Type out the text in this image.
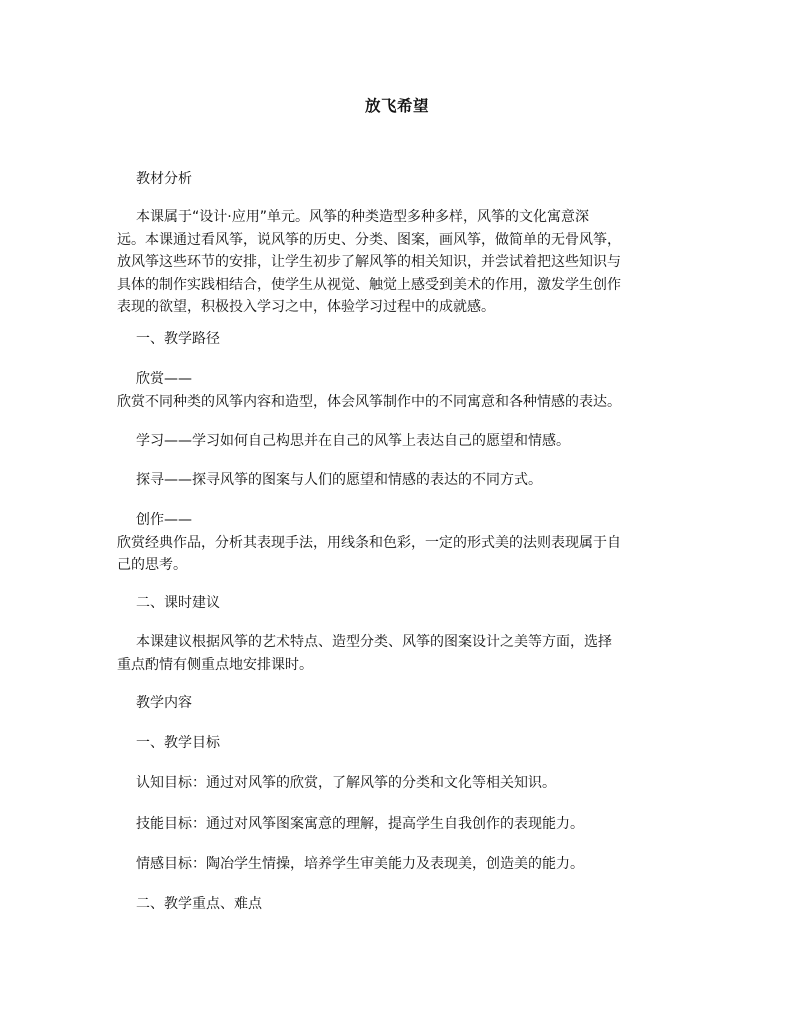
放飞希望
教材分析
本课属于“设计·应用”单元。风筝的种类造型多种多样，风筝的文化寓意深
远。本课通过看风筝，说风筝的历史、分类、图案，画风筝，做简单的无骨风筝，
放风筝这些环节的安排，让学生初步了解风筝的相关知识，并尝试着把这些知识与
具体的制作实践相结合，使学生从视觉、触觉上感受到美术的作用，激发学生创作
表现的欲望，积极投入学习之中，体验学习过程中的成就感。
一、教学路径
欣赏——
欣赏不同种类的风筝内容和造型，体会风筝制作中的不同寓意和各种情感的表达。
学习——学习如何自己构思并在自己的风筝上表达自己的愿望和情感。
探寻——探寻风筝的图案与人们的愿望和情感的表达的不同方式。
创作——
欣赏经典作品，分析其表现手法，用线条和色彩，一定的形式美的法则表现属于自
己的思考。
二、课时建议
本课建议根据风筝的艺术特点、造型分类、风筝的图案设计之美等方面，选择
重点酌情有侧重点地安排课时。
教学内容
一、教学目标
认知目标：通过对风筝的欣赏，了解风筝的分类和文化等相关知识。
技能目标：通过对风筝图案寓意的理解，提高学生自我创作的表现能力。
情感目标：陶冶学生情操，培养学生审美能力及表现美，创造美的能力。
二、教学重点、难点
